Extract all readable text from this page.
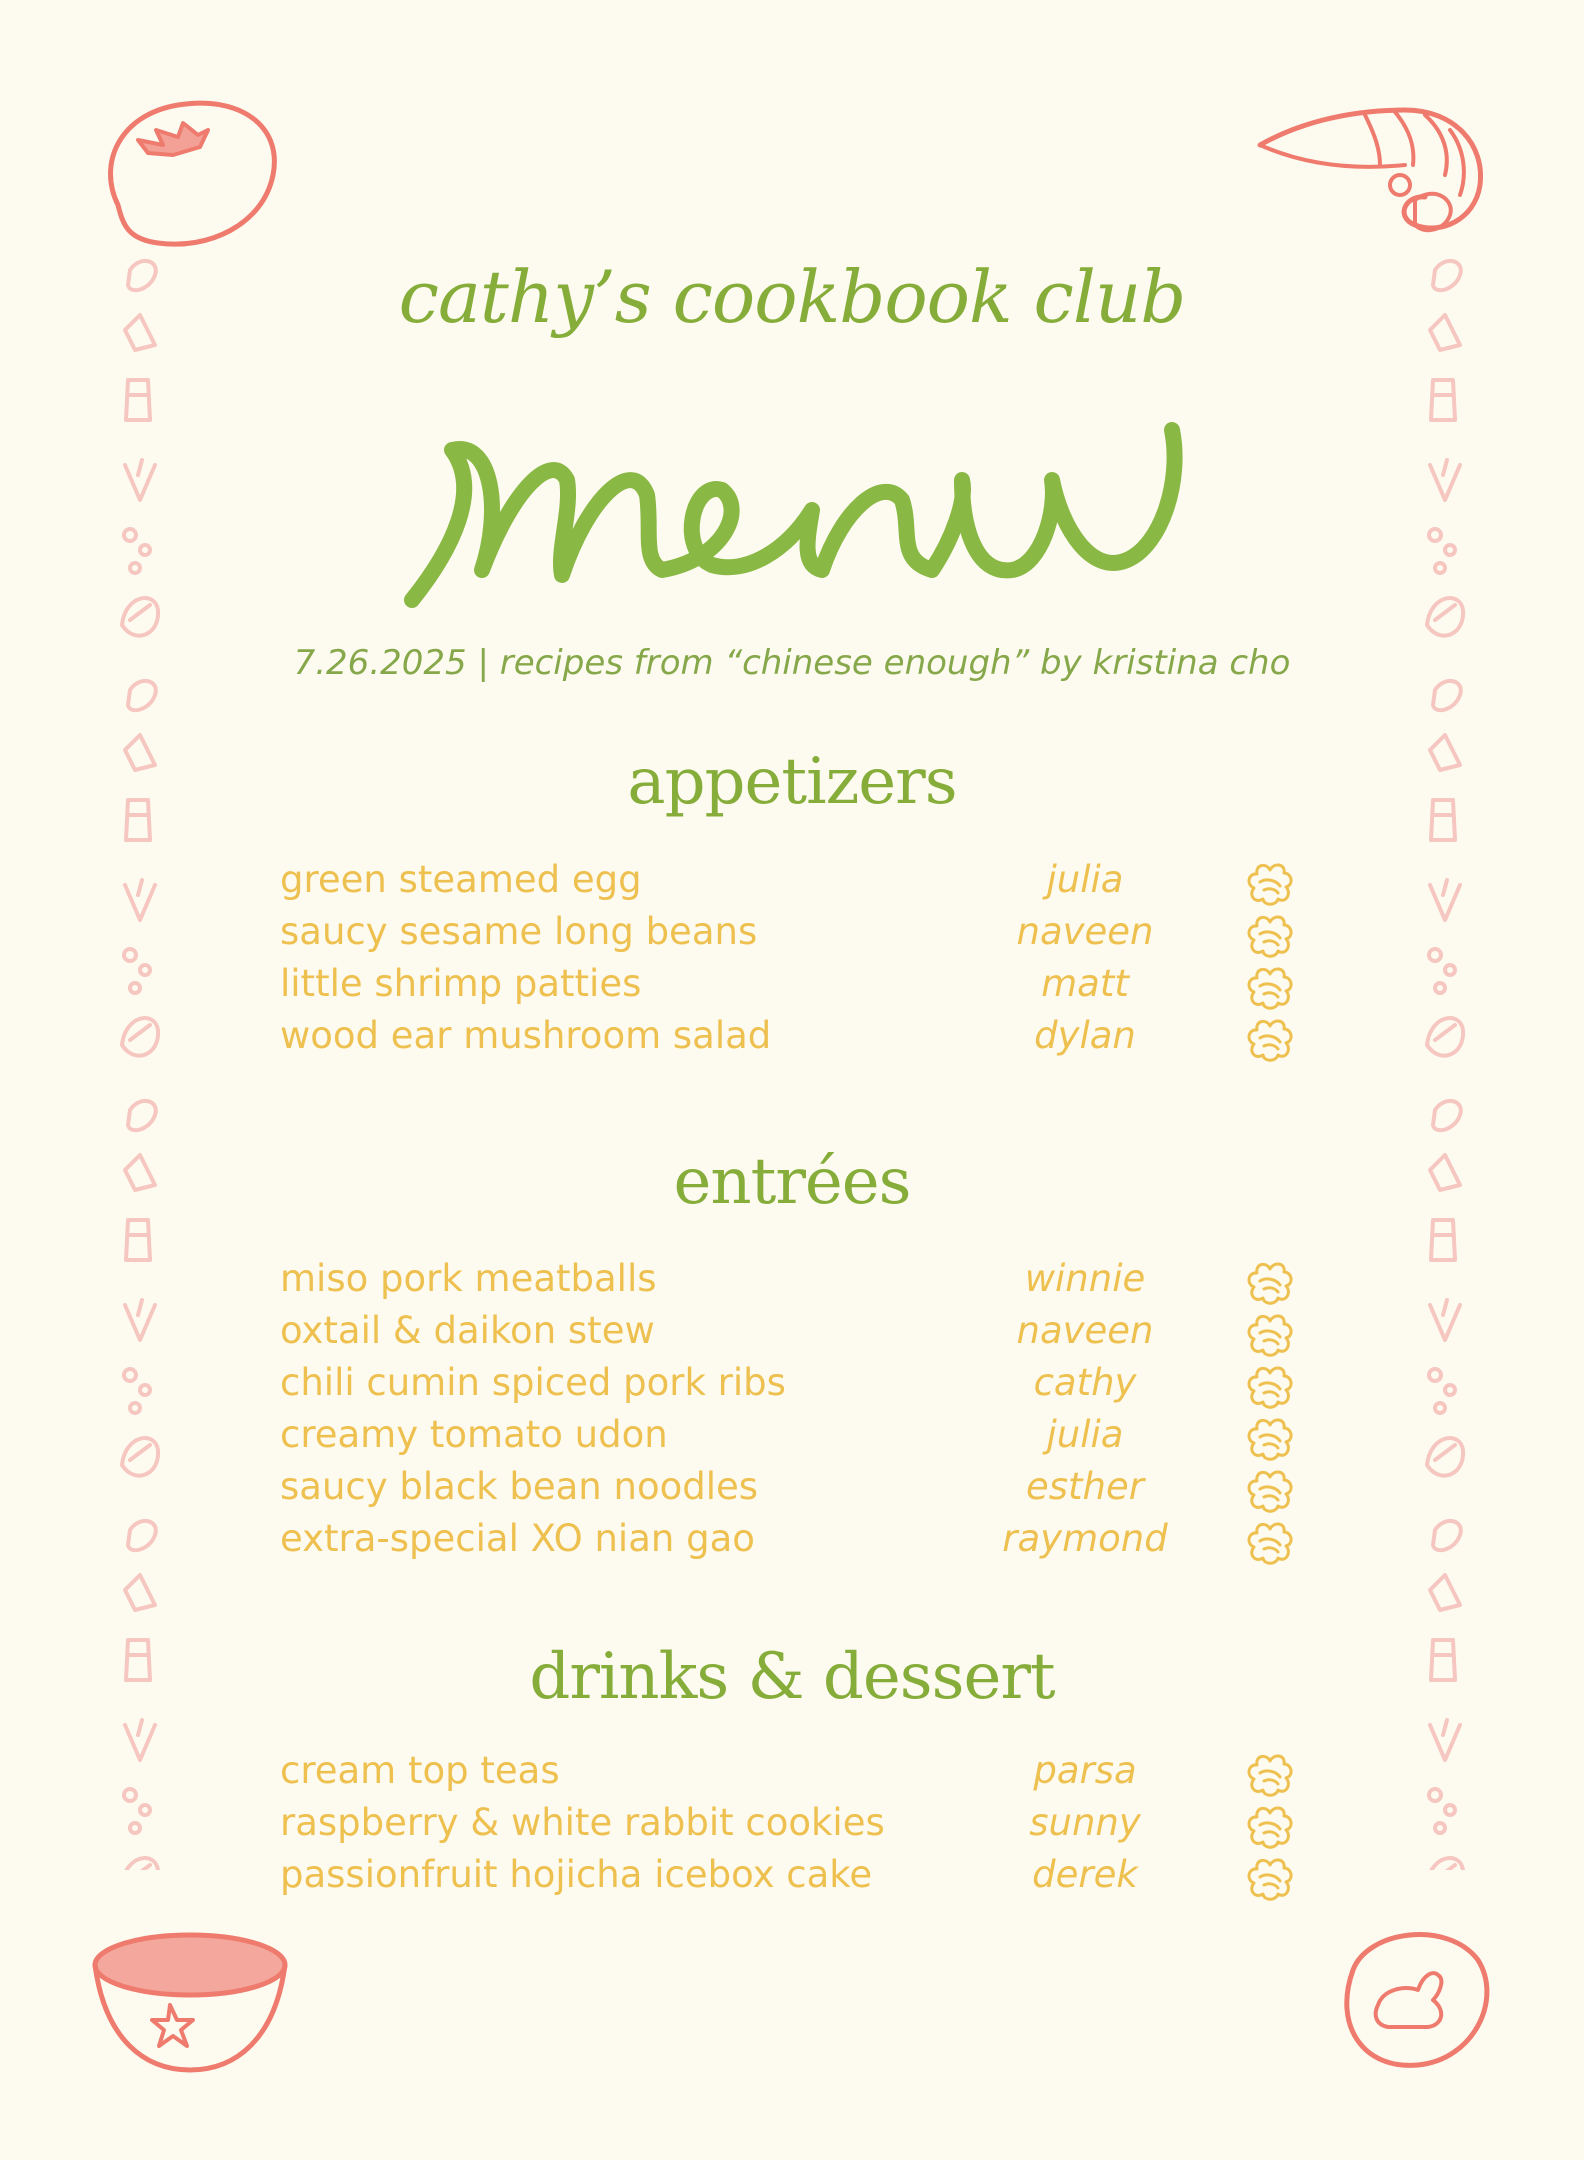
cathy’s cookbook club
7.26.2025 | recipes from “chinese enough” by kristina cho
appetizers
green steamed egg	julia
saucy sesame long beans	naveen
little shrimp patties	matt
wood ear mushroom salad	dylan
entrées
miso pork meatballs	winnie
oxtail & daikon stew	naveen
chili cumin spiced pork ribs	cathy
creamy tomato udon	julia
saucy black bean noodles	esther
extra-special XO nian gao	raymond
drinks & dessert
cream top teas	parsa
raspberry & white rabbit cookies	sunny
passionfruit hojicha icebox cake	derek
